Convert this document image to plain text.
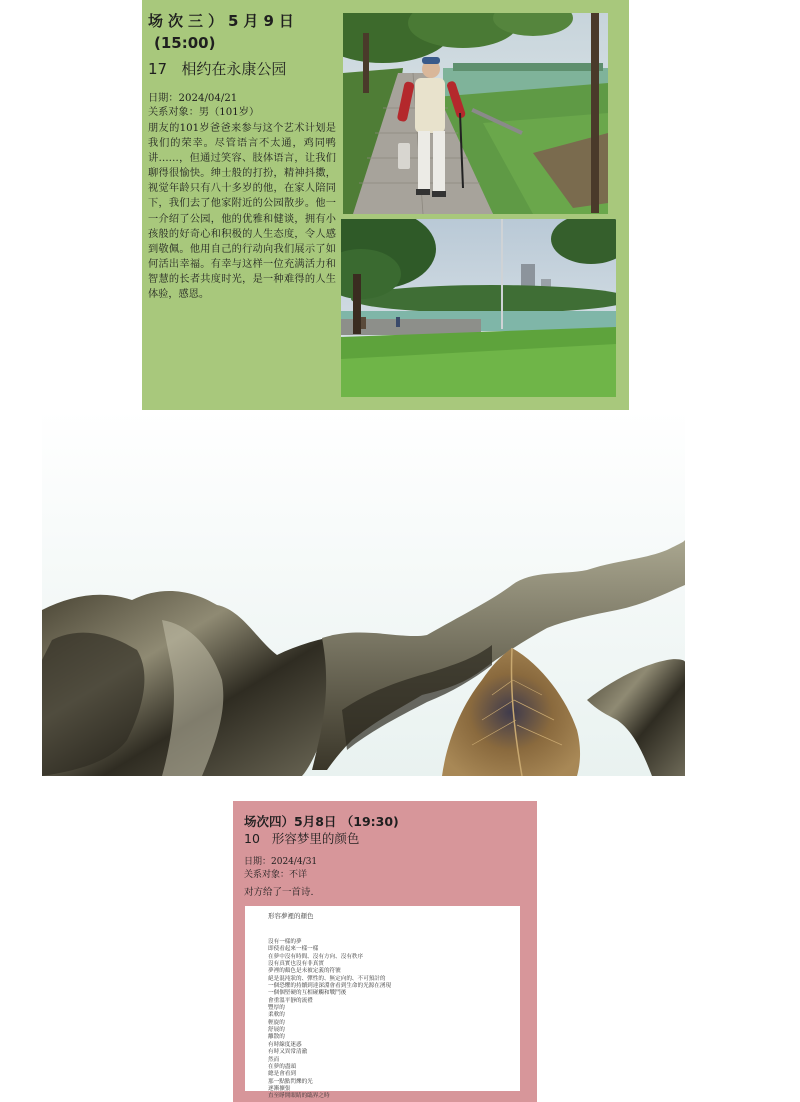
场次三）5月9日
(15:00)
17 相约在永康公园
日期：2024/04/21
关系对象：男（101岁）
朋友的101岁爸爸来参与这个艺术计划是我们的荣幸。尽管语言不太通，鸡同鸭讲……，但通过笑容、肢体语言，让我们聊得很愉快。绅士般的打扮，精神抖擞，视觉年龄只有八十多岁的他，在家人陪同下，我们去了他家附近的公园散步。他一一介绍了公园，他的优雅和健谈，拥有小孩般的好奇心和积极的人生态度，令人感到敬佩。他用自己的行动向我们展示了如何活出幸福。有幸与这样一位充满活力和智慧的长者共度时光，是一种难得的人生体验，感恩。
场次四）5月8日 （19:30)
10 形容梦里的颜色
日期：2024/4/31
关系对象：不详
对方给了一首诗.
形容夢裡的顏色
沒有一樣的夢
即使看起來一樣一樣
在夢中沒有時間、沒有方向、沒有秩序
沒有真實也沒有非真實
夢裡的顏色是未被定義的符號
絕是混沌狀的、彈性的、無定向的、不可預計的
一個恐懼的持續到達深淵會看到生命的光源在湧現
一個個堅硬的互相碰觸和戰鬥後
會重溫平靜的流禮
豐厚的
柔軟的
輕旋的
舒展的
離散的
有時線度迷惑
有時又異常清澈
然而
在夢的盡頭
總是會看到
那一點點閃爍的光
逐漸擴張
直至睜開眼睛的臨界之時
